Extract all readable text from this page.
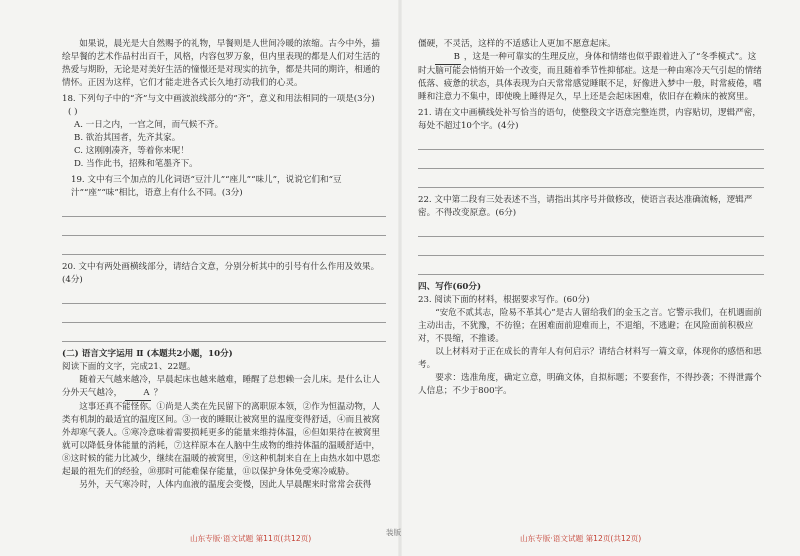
如果说，晨光是大自然赐予的礼物，早餐则是人世间冷暖的浓缩。古今中外，描绘早餐的艺术作品村出百千，风格，内容包罗万象，但内里表现的都是人们对生活的热爱与期盼，无论是对美好生活的憧憬还是对现实的抗争，都是共同的期许，相通的情怀。正因为这样，它们才能走进各式长久地打动我们的心灵。

18. 下列句子中的“齐”与文中画波浪线部分的“齐”，意义和用法相同的一项是(3分) ( )

A. 一日之内，一宫之间，而气候不齐。

B. 欲治其国者，先齐其家。

C. 这刚刚凑齐，等着你来呢！

D. 当作此书，招殊和笔墨齐下。

19. 文中有三个加点的儿化词语“豆汁儿”“座儿”“味儿”，说说它们和“豆汁”“座”“味”相比，语意上有什么不同。(3分)

20. 文中有两处画横线部分，请结合文意，分别分析其中的引号有什么作用及效果。(4分)

(二) 语言文字运用 Ⅱ (本题共2小题，10分)

阅读下面的文字，完成21、22题。

随着天气越来越冷，早晨起床也越来越难，睡醒了总想赖一会儿床。是什么让人分外天气越冷， A ？

这事还真不能怪你。①尚是人类在先民留下的离职原本领，②作为恒温动物，人类有机制的最适宜的温度区间。③一夜的睡眠让被窝里的温度变得舒适，④而且被窝外却寒气袭人。⑤寒冷意味着需要损耗更多的能量来维持体温，⑥但如果待在被窝里就可以降低身体能量的消耗，⑦这样原本在人脑中生成物的维持体温的温暖舒适中，⑧这时候的能力比减少，继续在温暖的被窝里，⑨这种机制来自在上由热水如中恩恋起最的祖先们的经验，⑩那时可能难保存能量，⑪以保护身体免受寒冷威胁。

另外，天气寒冷时，人体内血液的温度会变慢，因此人早晨醒来时常常会获得

僵硬，不灵活，这样的不适感让人更加不愿意起床。

B ，这是一种可靠实的生理反应，身体和情绪也似乎跟着进入了“冬季模式”。这时大脑可能会悄悄开始一个改变，而且随着季节性抑郁症。这是一种由寒冷天气引起的情绪低落、疲惫的状态，具体表现为白天常常感觉睡眠不足，好像进入梦中一般，时常疲倦，嗜睡和注意力不集中，即使晚上睡得足久，早上还是会起床困难，依旧存在赖床的被窝里。

21. 请在文中画横线处补写恰当的语句，使整段文字语意完整连贯，内容贴切，逻辑严密，每处不超过10个字。(4分)

22. 文中第二段有三处表述不当，请指出其序号并做修改，使语言表达准确流畅，逻辑严密。不得改变原意。(6分)

四、写作(60分)

23. 阅读下面的材料，根据要求写作。(60分)

“安危不贰其志，险易不革其心”是古人留给我们的金玉之言。它警示我们，在机遇面前主动出击，不犹豫，不彷徨；在困难面前迎难而上，不退缩，不逃避；在风险面前积极应对，不畏缩，不推诿。

以上材料对于正在成长的青年人有何启示？请结合材料写一篇文章，体现你的感悟和思考。

要求：选准角度，确定立意，明确文体，自拟标题；不要套作，不得抄袭；不得泄露个人信息；不少于800字。

山东专版·语文试题 第11页(共12页)
装版
山东专版·语文试题 第12页(共12页)
